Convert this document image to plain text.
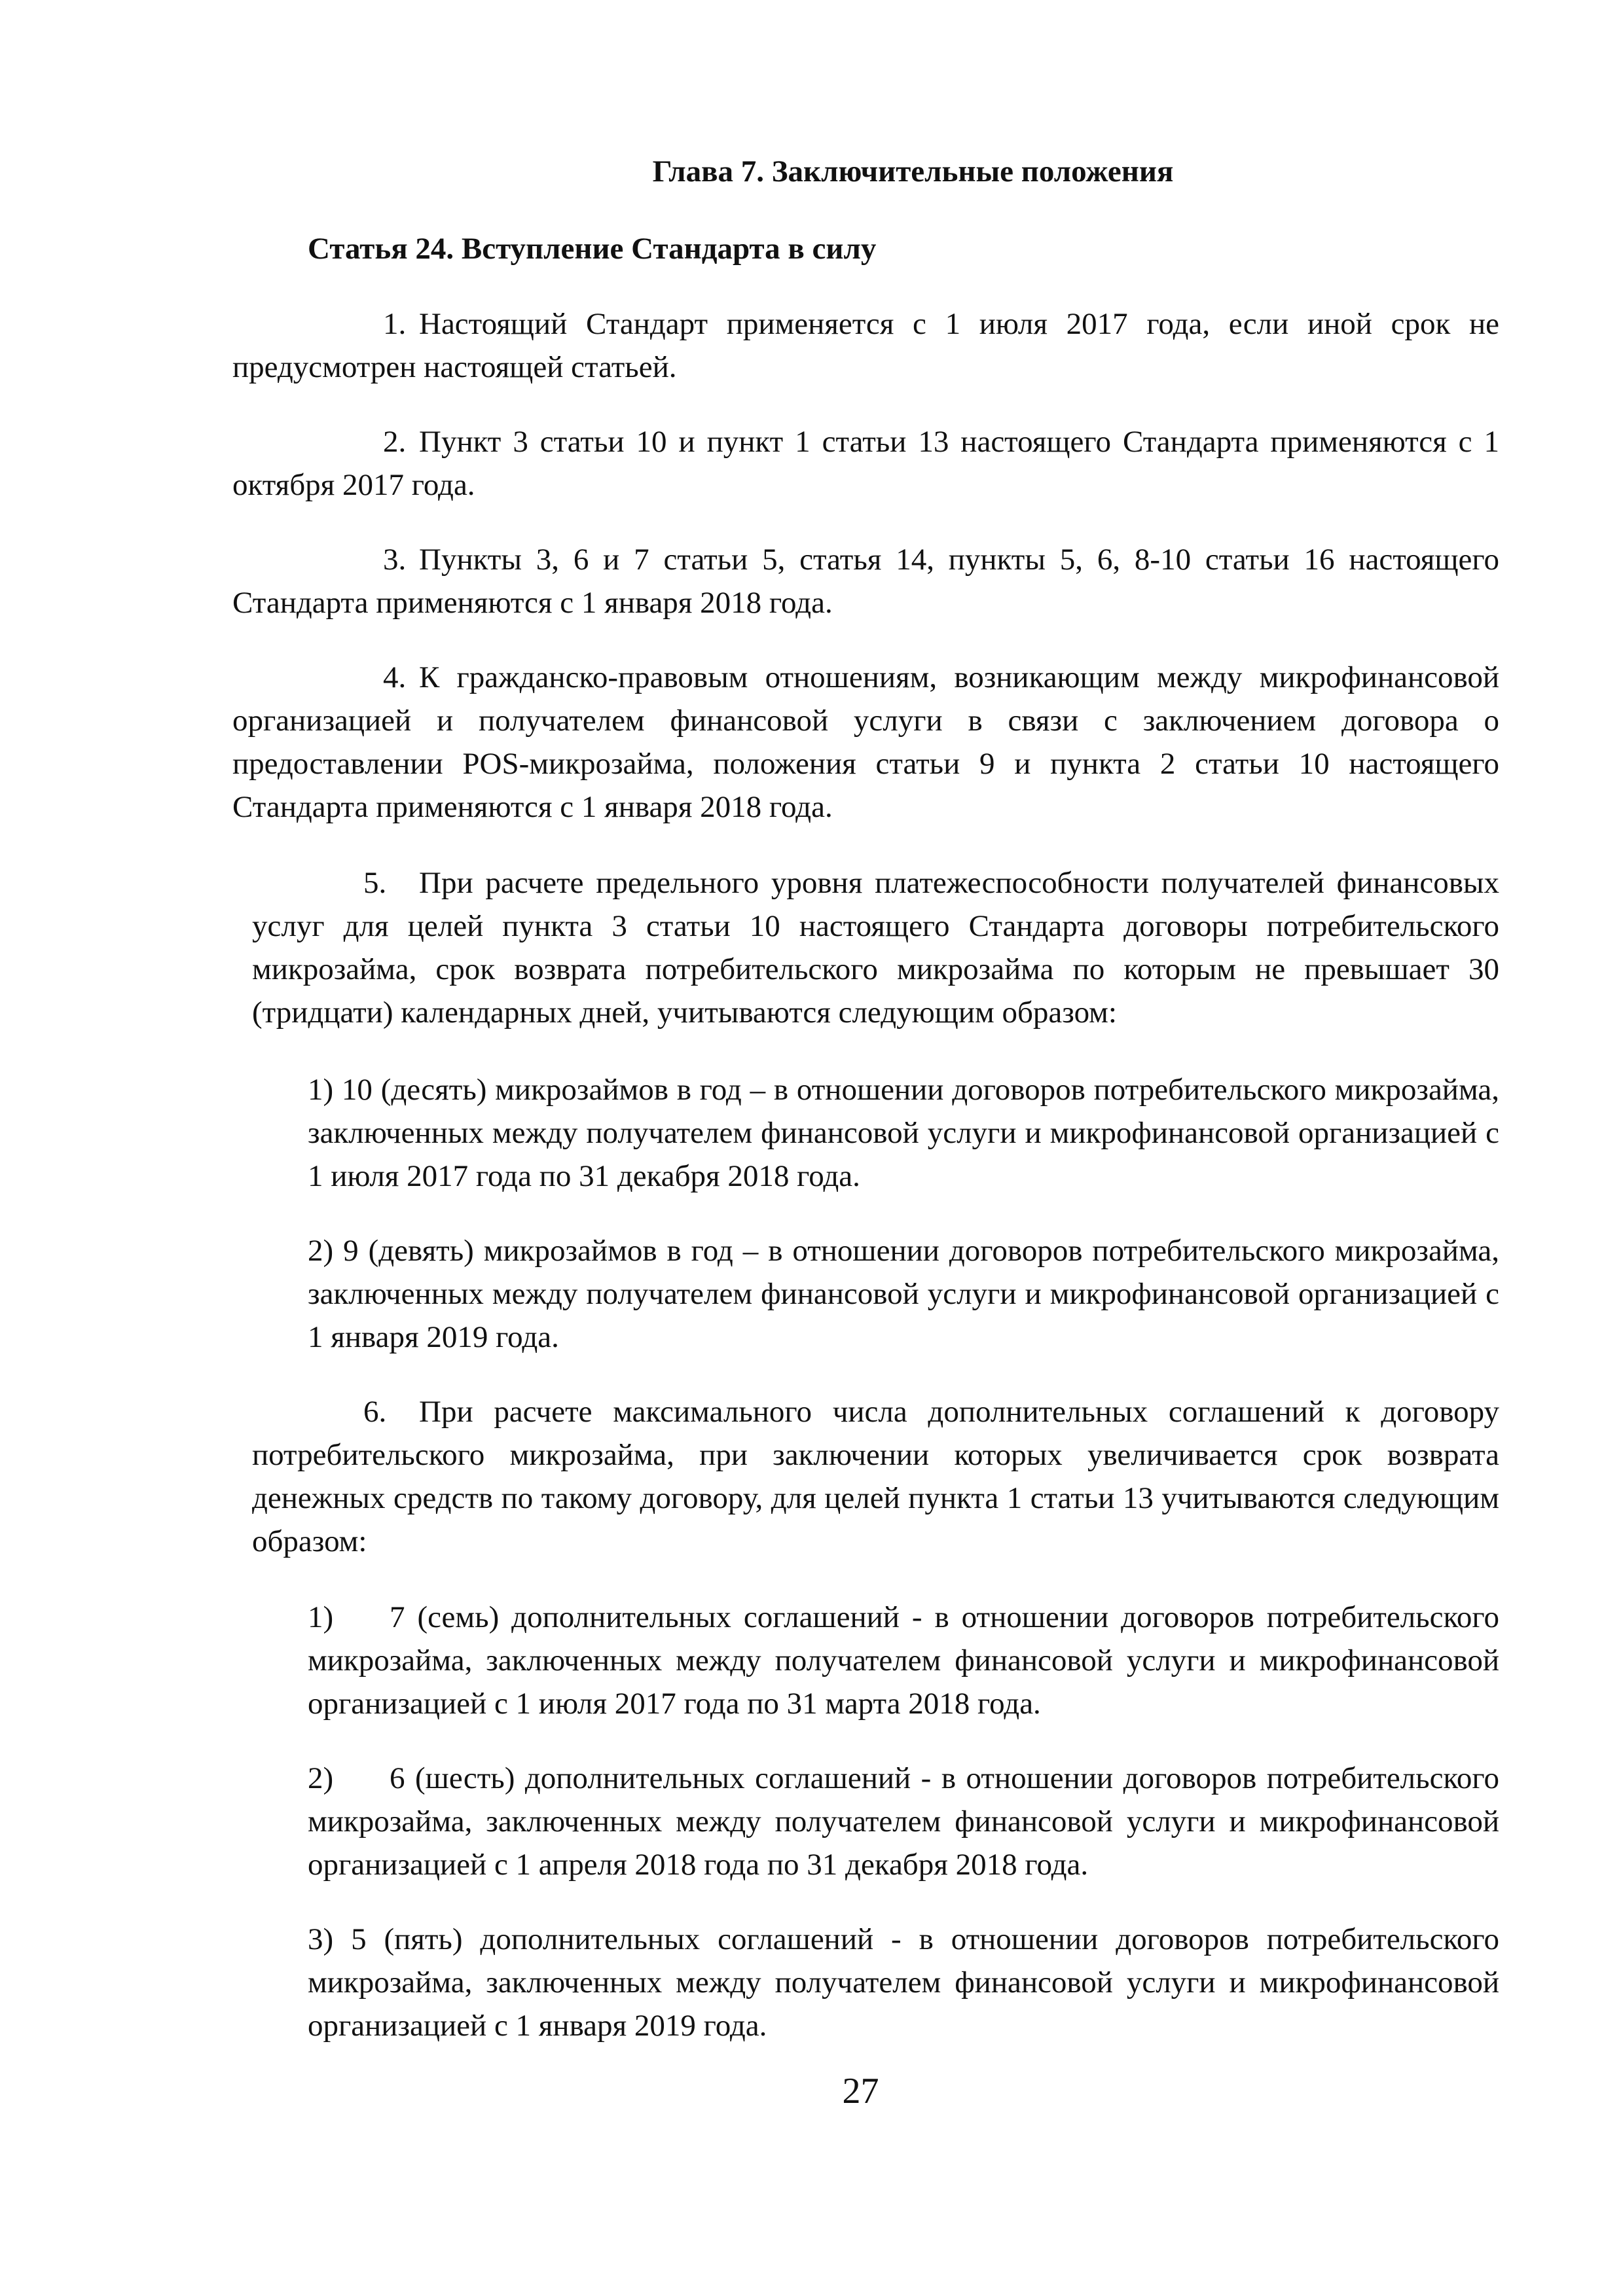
Глава 7. Заключительные положения
Статья 24. Вступление Стандарта в силу
1. Настоящий Стандарт применяется с 1 июля 2017 года, если иной срок не предусмотрен настоящей статьей.
2. Пункт 3 статьи 10 и пункт 1 статьи 13 настоящего Стандарта применяются с 1 октября 2017 года.
3. Пункты 3, 6 и 7 статьи 5, статья 14, пункты 5, 6, 8-10 статьи 16 настоящего Стандарта применяются с 1 января 2018 года.
4. К гражданско-правовым отношениям, возникающим между микрофинансовой организацией и получателем финансовой услуги в связи с заключением договора о предоставлении POS-микрозайма, положения статьи 9 и пункта 2 статьи 10 настоящего Стандарта применяются с 1 января 2018 года.
5. При расчете предельного уровня платежеспособности получателей финансовых услуг для целей пункта 3 статьи 10 настоящего Стандарта договоры потребительского микрозайма, срок возврата потребительского микрозайма по которым не превышает 30 (тридцати) календарных дней, учитываются следующим образом:
1) 10 (десять) микрозаймов в год – в отношении договоров потребительского микрозайма, заключенных между получателем финансовой услуги и микрофинансовой организацией с 1 июля 2017 года по 31 декабря 2018 года.
2) 9 (девять) микрозаймов в год – в отношении договоров потребительского микрозайма, заключенных между получателем финансовой услуги и микрофинансовой организацией с 1 января 2019 года.
6. При расчете максимального числа дополнительных соглашений к договору потребительского микрозайма, при заключении которых увеличивается срок возврата денежных средств по такому договору, для целей пункта 1 статьи 13 учитываются следующим образом:
1) 7 (семь) дополнительных соглашений - в отношении договоров потребительского микрозайма, заключенных между получателем финансовой услуги и микрофинансовой организацией с 1 июля 2017 года по 31 марта 2018 года.
2) 6 (шесть) дополнительных соглашений - в отношении договоров потребительского микрозайма, заключенных между получателем финансовой услуги и микрофинансовой организацией с 1 апреля 2018 года по 31 декабря 2018 года.
3) 5 (пять) дополнительных соглашений - в отношении договоров потребительского микрозайма, заключенных между получателем финансовой услуги и микрофинансовой организацией с 1 января 2019 года.
27
